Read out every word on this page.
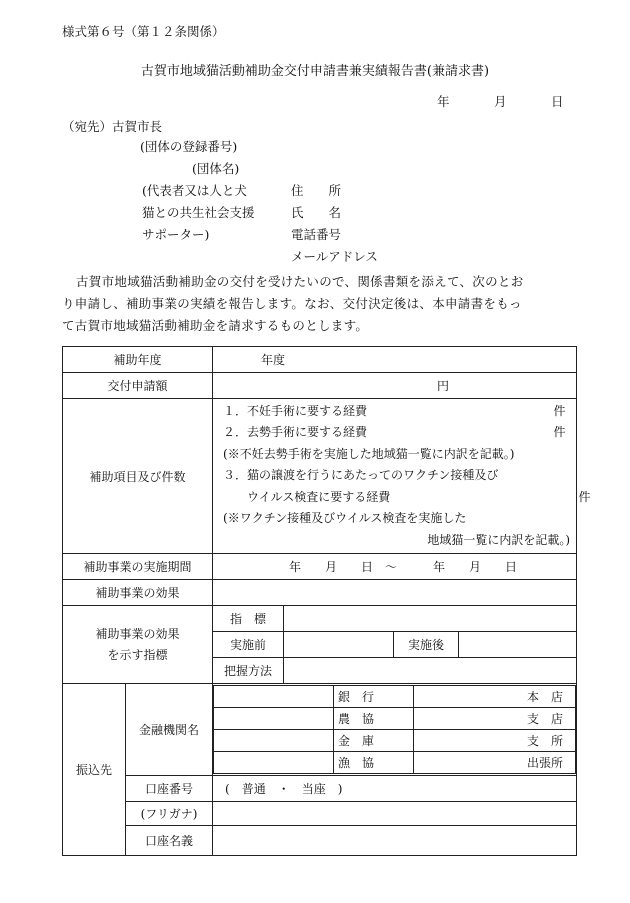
様式第６号（第１２条関係）
古賀市地域猫活動補助金交付申請書兼実績報告書(兼請求書)
年	月	日
（宛先）古賀市長
(団体の登録番号)
(団体名)
(代表者又は人と犬
猫との共生社会支援
サポーター)
住　　所
氏　　名
電話番号
メールアドレス
古賀市地域猫活動補助金の交付を受けたいので、関係書類を添えて、次のとお
り申請し、補助事業の実績を報告します。なお、交付決定後は、本申請書をもっ
て古賀市地域猫活動補助金を請求するものとします。
補助年度	年度
交付申請額	円
補助項目及び件数	
１．不妊手術に要する経費	件
２．去勢手術に要する経費	件
(※不妊去勢手術を実施した地域猫一覧に内訳を記載。)
３．猫の譲渡を行うにあたってのワクチン接種及び
ウイルス検査に要する経費	件
(※ワクチン接種及びウイルス検査を実施した
地域猫一覧に内訳を記載。)

補助事業の実施期間	年　　月　　日 ～	年　　月　　日
補助事業の効果	

補助事業の効果
を示す指標
	指　標	
実施前		実施後	
把握方法	
振込先	金融機関名	
	銀　行	本　店
	農　協	支　店
	金　庫	支　所
	漁　協	出張所

口座番号	(　普通　・　当座　)
(フリガナ)	
口座名義	
